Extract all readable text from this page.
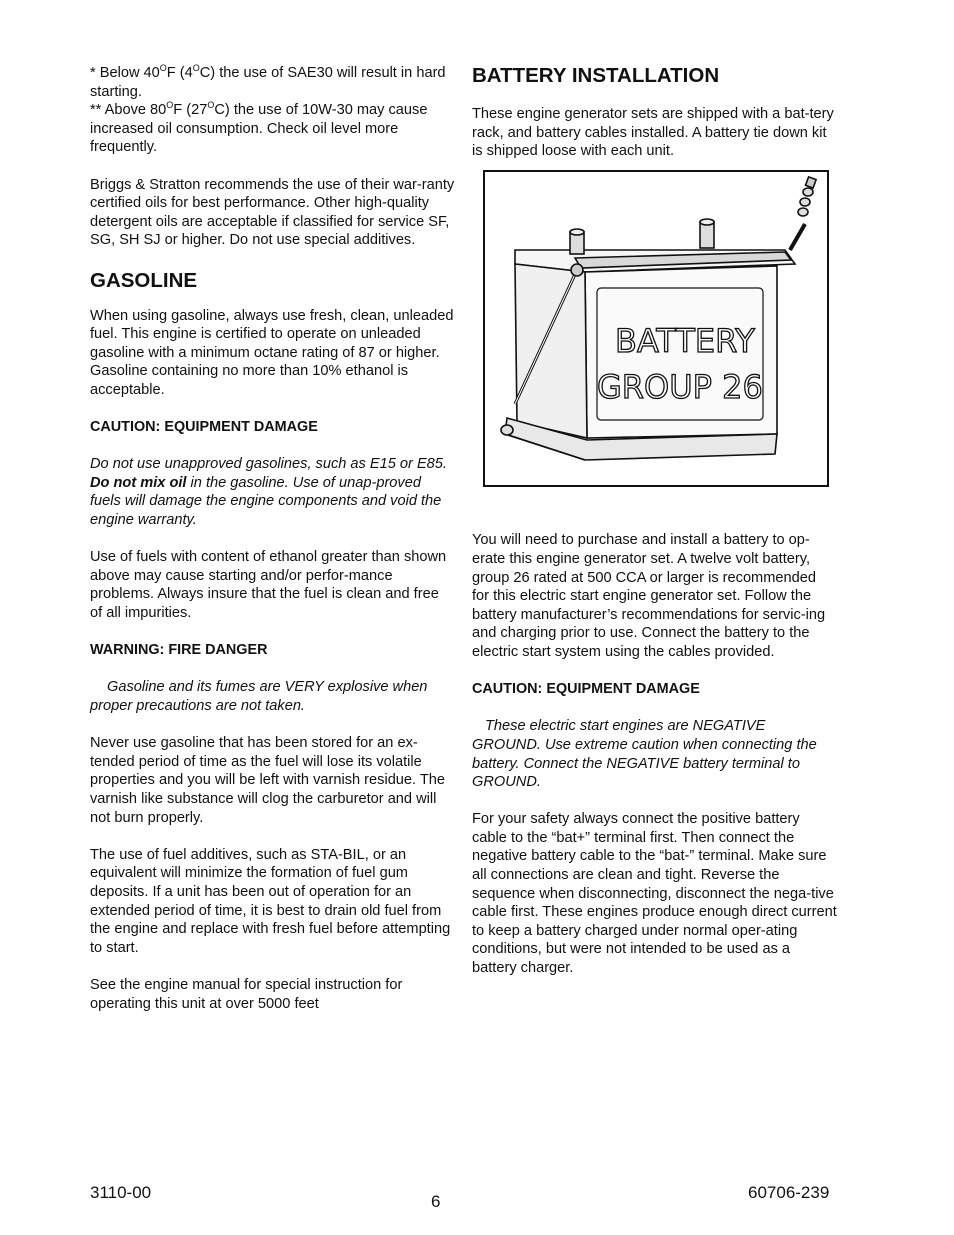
* Below $40^OF$ $(4^OC)$ the use of SAE30 will result in hard starting.

** Above $80^OF$ $(27^OC)$ the use of 10W-30 may cause increased oil consumption. Check oil level more frequently.

Briggs & Stratton recommends the use of their war-ranty certified oils for best performance. Other high-quality detergent oils are acceptable if classified for service SF, SG, SH SJ or higher. Do not use special additives.

GASOLINE

When using gasoline, always use fresh, clean, unleaded fuel. This engine is certified to operate on unleaded gasoline with a minimum octane rating of 87 or higher. Gasoline containing no more than 10% ethanol is acceptable.

CAUTION: EQUIPMENT DAMAGE

Do not use unapproved gasolines, such as E15 or E85. Do not mix oil in the gasoline. Use of unap-proved fuels will damage the engine components and void the engine warranty.

Use of fuels with content of ethanol greater than shown above may cause starting and/or perfor-mance problems. Always insure that the fuel is clean and free of all impurities.

WARNING: FIRE DANGER

Gasoline and its fumes are VERY explosive when proper precautions are not taken.

Never use gasoline that has been stored for an ex-tended period of time as the fuel will lose its volatile properties and you will be left with varnish residue. The varnish like substance will clog the carburetor and will not burn properly.

The use of fuel additives, such as STA-BIL, or an equivalent will minimize the formation of fuel gum deposits. If a unit has been out of operation for an extended period of time, it is best to drain old fuel from the engine and replace with fresh fuel before attempting to start.

See the engine manual for special instruction for operating this unit at over 5000 feet

BATTERY INSTALLATION

These engine generator sets are shipped with a bat-tery rack, and battery cables installed. A battery tie down kit is shipped loose with each unit.

You will need to purchase and install a battery to op-erate this engine generator set. A twelve volt battery, group 26 rated at 500 CCA or larger is recommended for this electric start engine generator set. Follow the battery manufacturer’s recommendations for servic-ing and charging prior to use. Connect the battery to the electric start system using the cables provided.

CAUTION: EQUIPMENT DAMAGE

These electric start engines are NEGATIVE GROUND. Use extreme caution when connecting the battery. Connect the NEGATIVE battery terminal to GROUND.

For your safety always connect the positive battery cable to the “bat+” terminal first. Then connect the negative battery cable to the “bat-” terminal. Make sure all connections are clean and tight. Reverse the sequence when disconnecting, disconnect the nega-tive cable first. These engines produce enough direct current to keep a battery charged under normal oper-ating conditions, but were not intended to be used as a battery charger.

BATTERY
GROUP 26
3110-00	6	60706-239
